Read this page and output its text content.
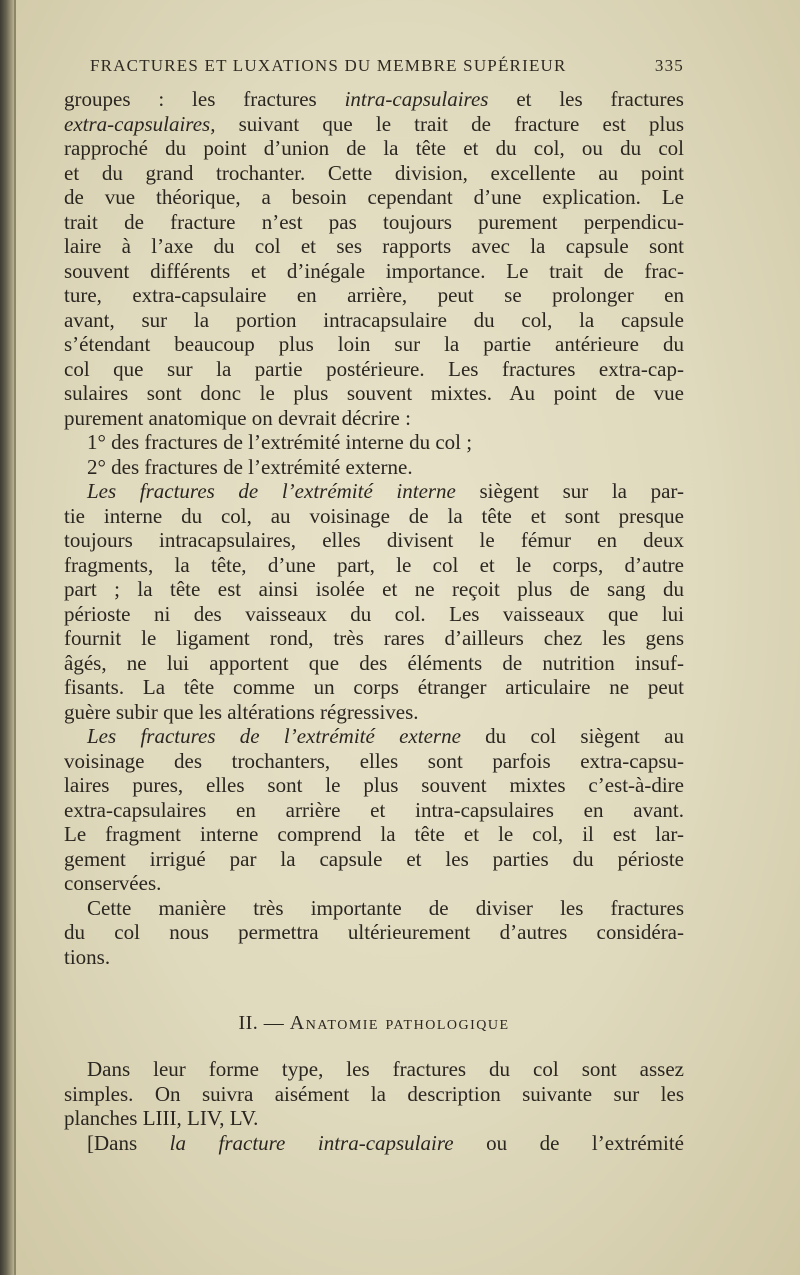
FRACTURES ET LUXATIONS DU MEMBRE SUPÉRIEUR	335
groupes : les fractures intra-capsulaires et les fractures
extra-capsulaires, suivant que le trait de fracture est plus
rapproché du point d’union de la tête et du col, ou du col
et du grand trochanter. Cette division, excellente au point
de vue théorique, a besoin cependant d’une explication. Le
trait de fracture n’est pas toujours purement perpendicu-
laire à l’axe du col et ses rapports avec la capsule sont
souvent différents et d’inégale importance. Le trait de frac-
ture, extra-capsulaire en arrière, peut se prolonger en
avant, sur la portion intracapsulaire du col, la capsule
s’étendant beaucoup plus loin sur la partie antérieure du
col que sur la partie postérieure. Les fractures extra-cap-
sulaires sont donc le plus souvent mixtes. Au point de vue
purement anatomique on devrait décrire :
1° des fractures de l’extrémité interne du col ;
2° des fractures de l’extrémité externe.
Les fractures de l’extrémité interne siègent sur la par-
tie interne du col, au voisinage de la tête et sont presque
toujours intracapsulaires, elles divisent le fémur en deux
fragments, la tête, d’une part, le col et le corps, d’autre
part ; la tête est ainsi isolée et ne reçoit plus de sang du
périoste ni des vaisseaux du col. Les vaisseaux que lui
fournit le ligament rond, très rares d’ailleurs chez les gens
âgés, ne lui apportent que des éléments de nutrition insuf-
fisants. La tête comme un corps étranger articulaire ne peut
guère subir que les altérations régressives.
Les fractures de l’extrémité externe du col siègent au
voisinage des trochanters, elles sont parfois extra-capsu-
laires pures, elles sont le plus souvent mixtes c’est-à-dire
extra-capsulaires en arrière et intra-capsulaires en avant.
Le fragment interne comprend la tête et le col, il est lar-
gement irrigué par la capsule et les parties du périoste
conservées.
Cette manière très importante de diviser les fractures
du col nous permettra ultérieurement d’autres considéra-
tions.
II. — Anatomie pathologique
Dans leur forme type, les fractures du col sont assez
simples. On suivra aisément la description suivante sur les
planches LIII, LIV, LV.
[Dans la fracture intra-capsulaire ou de l’extrémité
